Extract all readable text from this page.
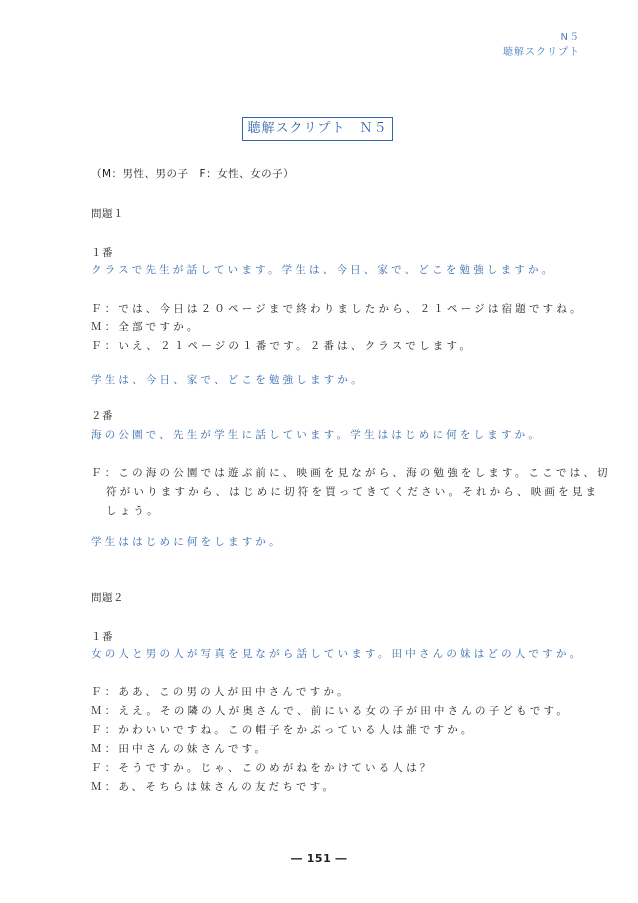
N５
聴解スクリプト
聴解スクリプト　Ｎ５
（M：男性、男の子　F：女性、女の子）
問題１
１番
クラスで先生が話しています。学生は、今日、家で、どこを勉強しますか。
Ｆ：では、今日は２０ページまで終わりましたから、２１ページは宿題ですね。
Ｍ：全部ですか。
Ｆ：いえ、２１ページの１番です。２番は、クラスでします。
学生は、今日、家で、どこを勉強しますか。
２番
海の公園で、先生が学生に話しています。学生ははじめに何をしますか。
Ｆ：この海の公園では遊ぶ前に、映画を見ながら、海の勉強をします。ここでは、切
符がいりますから、はじめに切符を買ってきてください。それから、映画を見ま
しょう。
学生ははじめに何をしますか。
問題２
１番
女の人と男の人が写真を見ながら話しています。田中さんの妹はどの人ですか。
Ｆ：ああ、この男の人が田中さんですか。
Ｍ：ええ。その隣の人が奥さんで、前にいる女の子が田中さんの子どもです。
Ｆ：かわいいですね。この帽子をかぶっている人は誰ですか。
Ｍ：田中さんの妹さんです。
Ｆ：そうですか。じゃ、このめがねをかけている人は？
Ｍ：あ、そちらは妹さんの友だちです。
― 151 ―
